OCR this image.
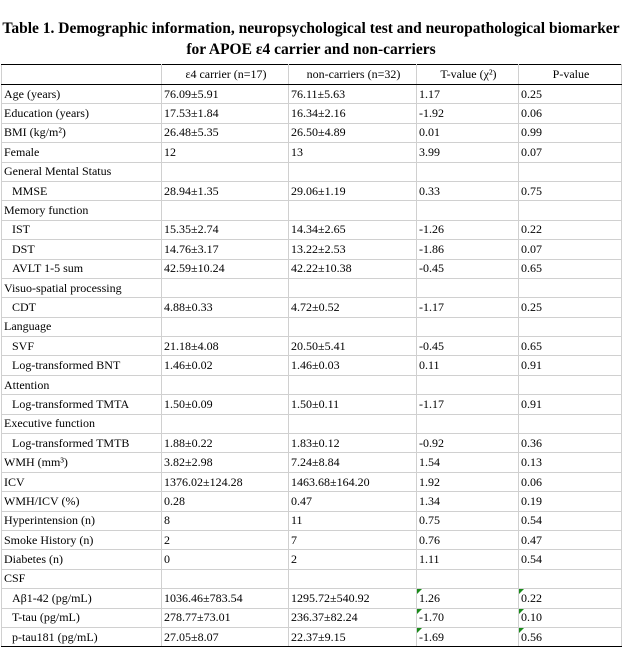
Table 1. Demographic information, neuropsychological test and neuropathological biomarker
for APOE ε4 carrier and non-carriers
	ε4 carrier (n=17)	non-carriers (n=32)	T-value (χ²)	P-value
Age (years)	76.09±5.91	76.11±5.63	1.17	0.25
Education (years)	17.53±1.84	16.34±2.16	-1.92	0.06
BMI (kg/m²)	26.48±5.35	26.50±4.89	0.01	0.99
Female	12	13	3.99	0.07
General Mental Status				
MMSE	28.94±1.35	29.06±1.19	0.33	0.75
Memory function				
IST	15.35±2.74	14.34±2.65	-1.26	0.22
DST	14.76±3.17	13.22±2.53	-1.86	0.07
AVLT 1-5 sum	42.59±10.24	42.22±10.38	-0.45	0.65
Visuo-spatial processing				
CDT	4.88±0.33	4.72±0.52	-1.17	0.25
Language				
SVF	21.18±4.08	20.50±5.41	-0.45	0.65
Log-transformed BNT	1.46±0.02	1.46±0.03	0.11	0.91
Attention				
Log-transformed TMTA	1.50±0.09	1.50±0.11	-1.17	0.91
Executive function				
Log-transformed TMTB	1.88±0.22	1.83±0.12	-0.92	0.36
WMH (mm³)	3.82±2.98	7.24±8.84	1.54	0.13
ICV	1376.02±124.28	1463.68±164.20	1.92	0.06
WMH/ICV (%)	0.28	0.47	1.34	0.19
Hyperintension (n)	8	11	0.75	0.54
Smoke History (n)	2	7	0.76	0.47
Diabetes (n)	0	2	1.11	0.54
CSF				
Aβ1-42 (pg/mL)	1036.46±783.54	1295.72±540.92	1.26	0.22
T-tau (pg/mL)	278.77±73.01	236.37±82.24	-1.70	0.10
p-tau181 (pg/mL)	27.05±8.07	22.37±9.15	-1.69	0.56
